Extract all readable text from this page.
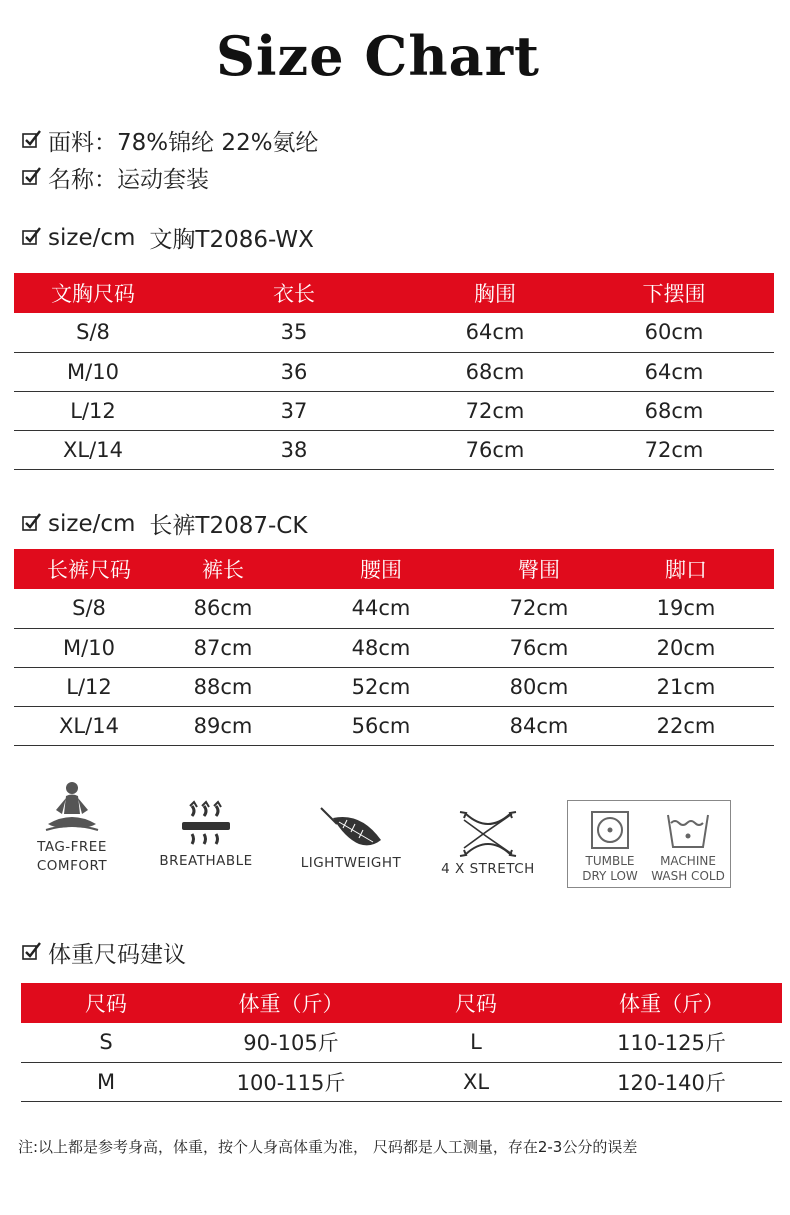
Size Chart
面料：78%锦纶 22%氨纶
名称：运动套装
size/cm 文胸T2086-WX
文胸尺码	衣长	胸围	下摆围
S/8	35	64cm	60cm
M/10	36	68cm	64cm
L/12	37	72cm	68cm
XL/14	38	76cm	72cm
size/cm 长裤T2087-CK
长裤尺码	裤长	腰围	臀围	脚口
S/8	86cm	44cm	72cm	19cm
M/10	87cm	48cm	76cm	20cm
L/12	88cm	52cm	80cm	21cm
XL/14	89cm	56cm	84cm	22cm
TAG-FREE
COMFORT	BREATHABLE	LIGHTWEIGHT	4 X STRETCH	TUMBLE
DRY LOW
MACHINE
WASH COLD
体重尺码建议
尺码	体重（斤）	尺码	体重（斤）
S	90-105斤	L	110-125斤
M	100-115斤	XL	120-140斤
注:以上都是参考身高，体重，按个人身高体重为准， 尺码都是人工测量，存在2-3公分的误差
